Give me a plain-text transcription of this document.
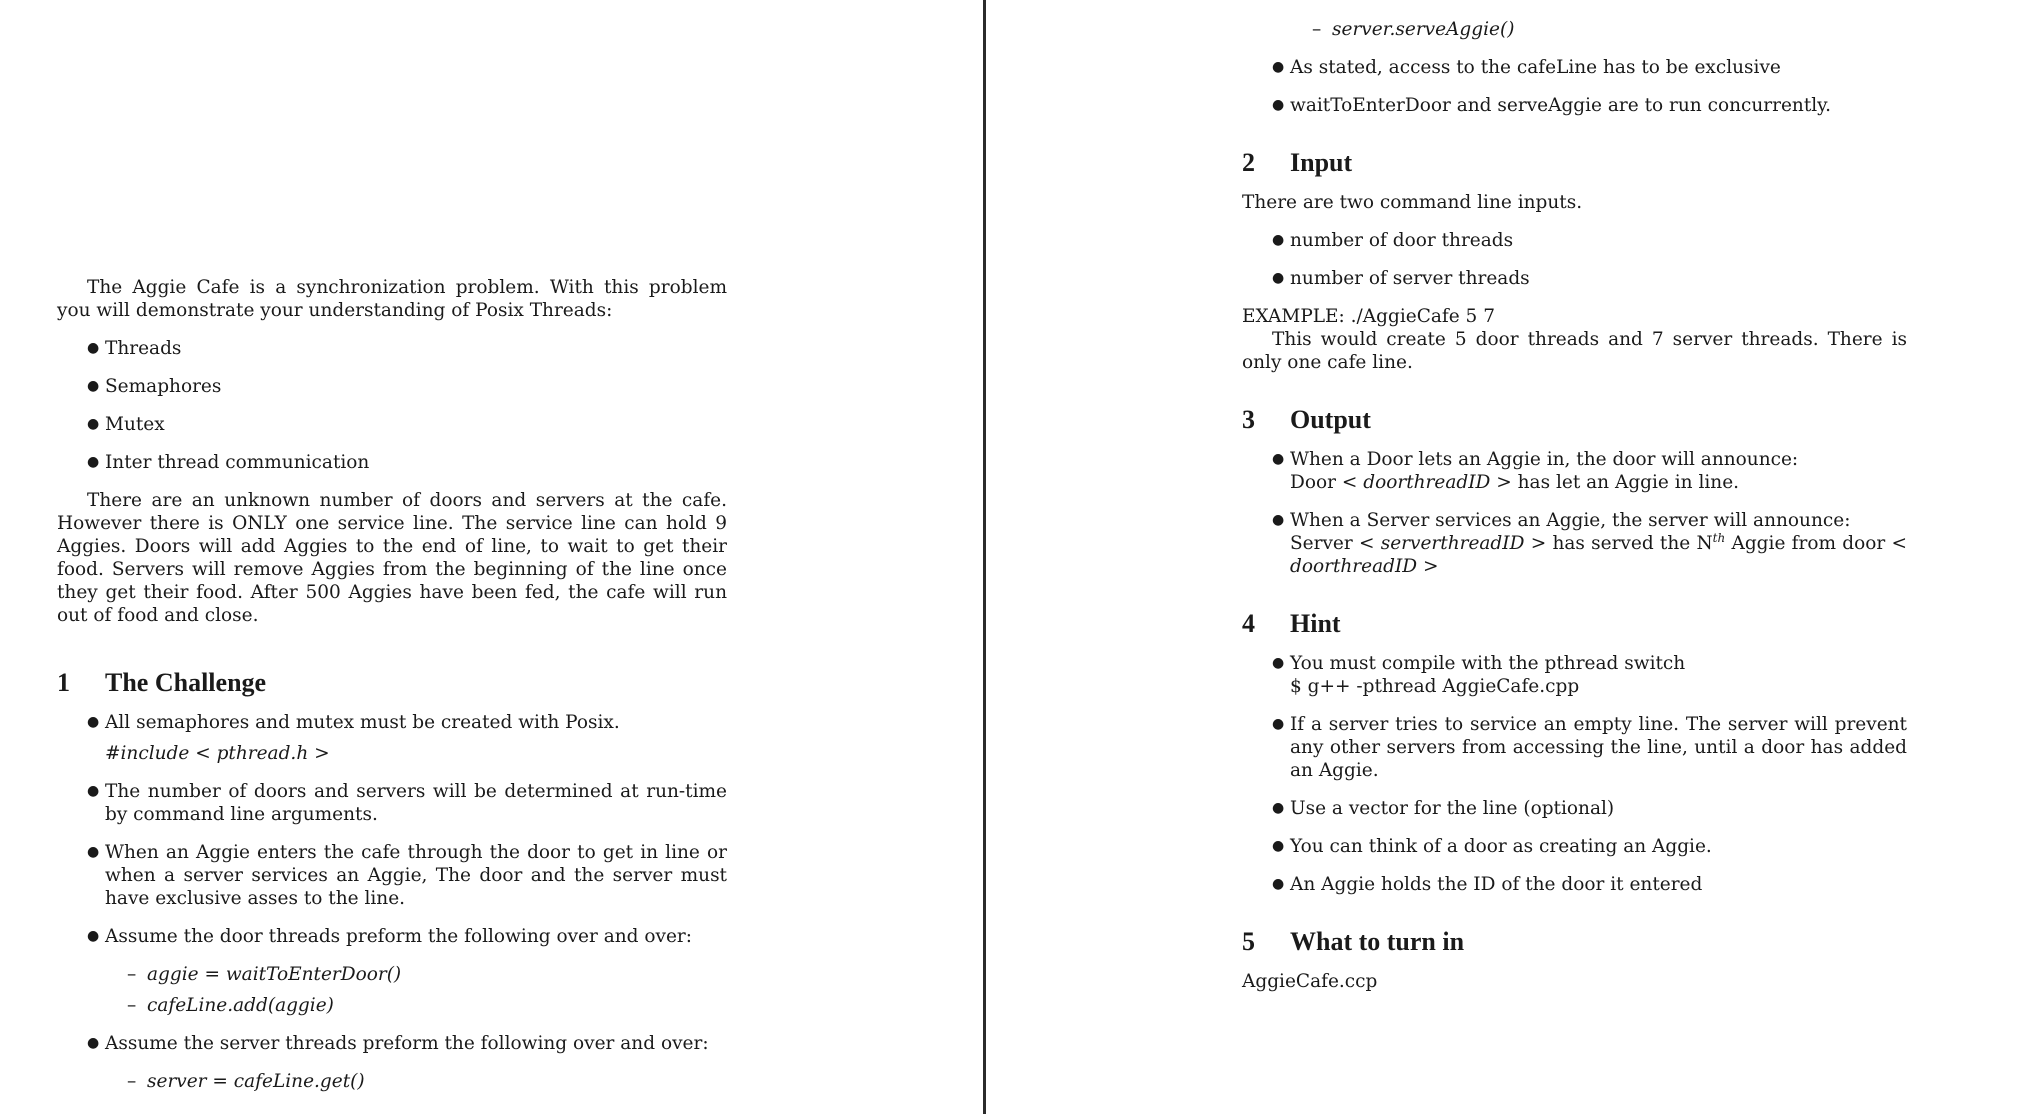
The Aggie Cafe is a synchronization problem. With this problem you will demonstrate your understanding of Posix Threads:

● Threads
● Semaphores
● Mutex
● Inter thread communication

There are an unknown number of doors and servers at the cafe. However there is ONLY one service line. The service line can hold 9 Aggies. Doors will add Aggies to the end of line, to wait to get their food. Servers will remove Aggies from the beginning of the line once they get their food. After 500 Aggies have been fed, the cafe will run out of food and close.

1 The Challenge
● All semaphores and mutex must be created with Posix.
#include < pthread.h >
● The number of doors and servers will be determined at run-time by command line arguments.

● When an Aggie enters the cafe through the door to get in line or when a server services an Aggie, The door and the server must have exclusive asses to the line.

● Assume the door threads preform the following over and over:
– aggie = waitToEnterDoor()
– cafeLine.add(aggie)
● Assume the server threads preform the following over and over:
– server = cafeLine.get()
– server.serveAggie()
● As stated, access to the cafeLine has to be exclusive
● waitToEnterDoor and serveAggie are to run concurrently.
2 Input

There are two command line inputs.

● number of door threads
● number of server threads

EXAMPLE: ./AggieCafe 5 7

This would create 5 door threads and 7 server threads. There is only one cafe line.

3 Output
● When a Door lets an Aggie in, the door will announce:
Door < doorthreadID > has let an Aggie in line.
● When a Server services an Aggie, the server will announce:
Server < serverthreadID > has served the $N^{th}$ Aggie from door < doorthreadID >
4 Hint
● You must compile with the pthread switch
$ g++ -pthread AggieCafe.cpp
● If a server tries to service an empty line. The server will prevent any other servers from accessing the line, until a door has added an Aggie.

● Use a vector for the line (optional)
● You can think of a door as creating an Aggie.
● An Aggie holds the ID of the door it entered
5 What to turn in

AggieCafe.ccp
